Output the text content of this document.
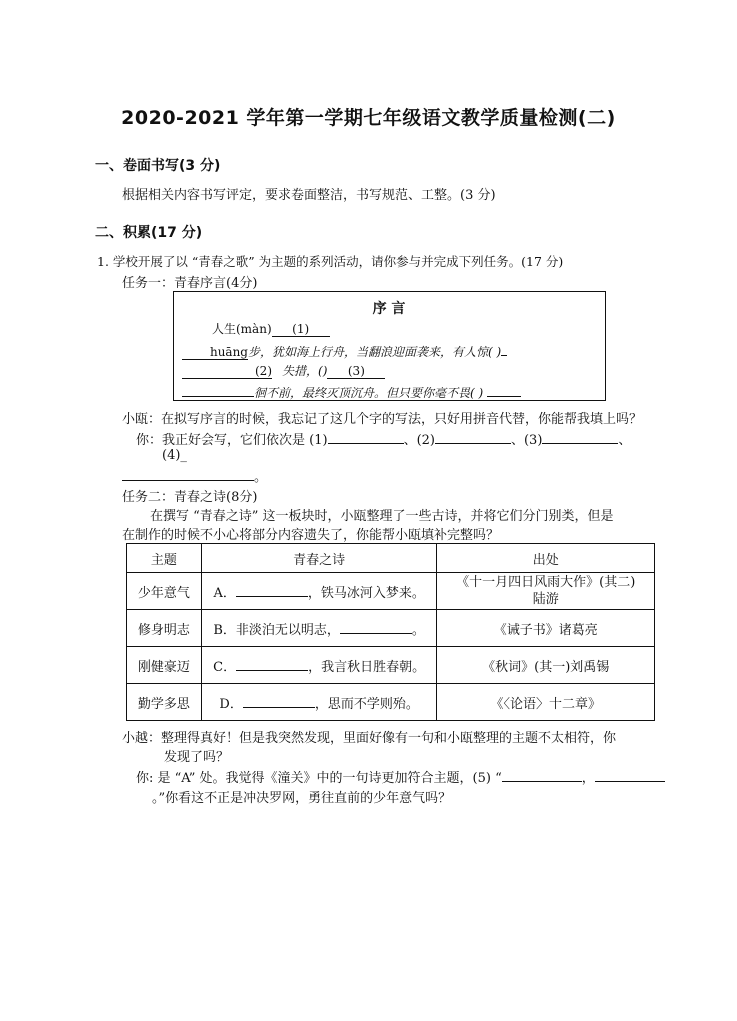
2020-2021 学年第一学期七年级语文教学质量检测(二)
一、卷面书写(3 分)
根据相关内容书写评定，要求卷面整洁，书写规范、工整。(3 分)
二、积累(17 分)
1. 学校开展了以 “青春之歌” 为主题的系列活动，请你参与并完成下列任务。(17 分)
任务一：青春序言(4分)
序 言
人生(màn) (1)
huāng步，犹如海上行舟，当翻浪迎面袭来，有人惊( )
(2) 失措，() (3)
徊不前，最终灭顶沉舟。但只要你毫不畏( )
小瓯：在拟写序言的时候，我忘记了这几个字的写法，只好用拼音代替，你能帮我填上吗？
你：我正好会写，它们依次是 (1)	、(2)	、(3)	、
(4)_
。
任务二：青春之诗(8分)
在撰写 “青春之诗” 这一板块时，小瓯整理了一些古诗，并将它们分门别类，但是
在制作的时候不小心将部分内容遗失了，你能帮小瓯填补完整吗？
主题	青春之诗	出处
少年意气	A． ，铁马冰河入梦来。	《十一月四日风雨大作》(其二)
陆游

修身明志	B．非淡泊无以明志， 。	《诫子书》诸葛亮
刚健豪迈	C． ，我言秋日胜春朝。	《秋词》(其一)刘禹锡
勤学多思	D． ，思而不学则殆。	《〈论语〉十二章》
小越：整理得真好！但是我突然发现，里面好像有一句和小瓯整理的主题不太相符，你
发现了吗？
你: 是 “A” 处。我觉得《潼关》中的一句诗更加符合主题，(5) “	，
。”你看这不正是冲决罗网，勇往直前的少年意气吗？
